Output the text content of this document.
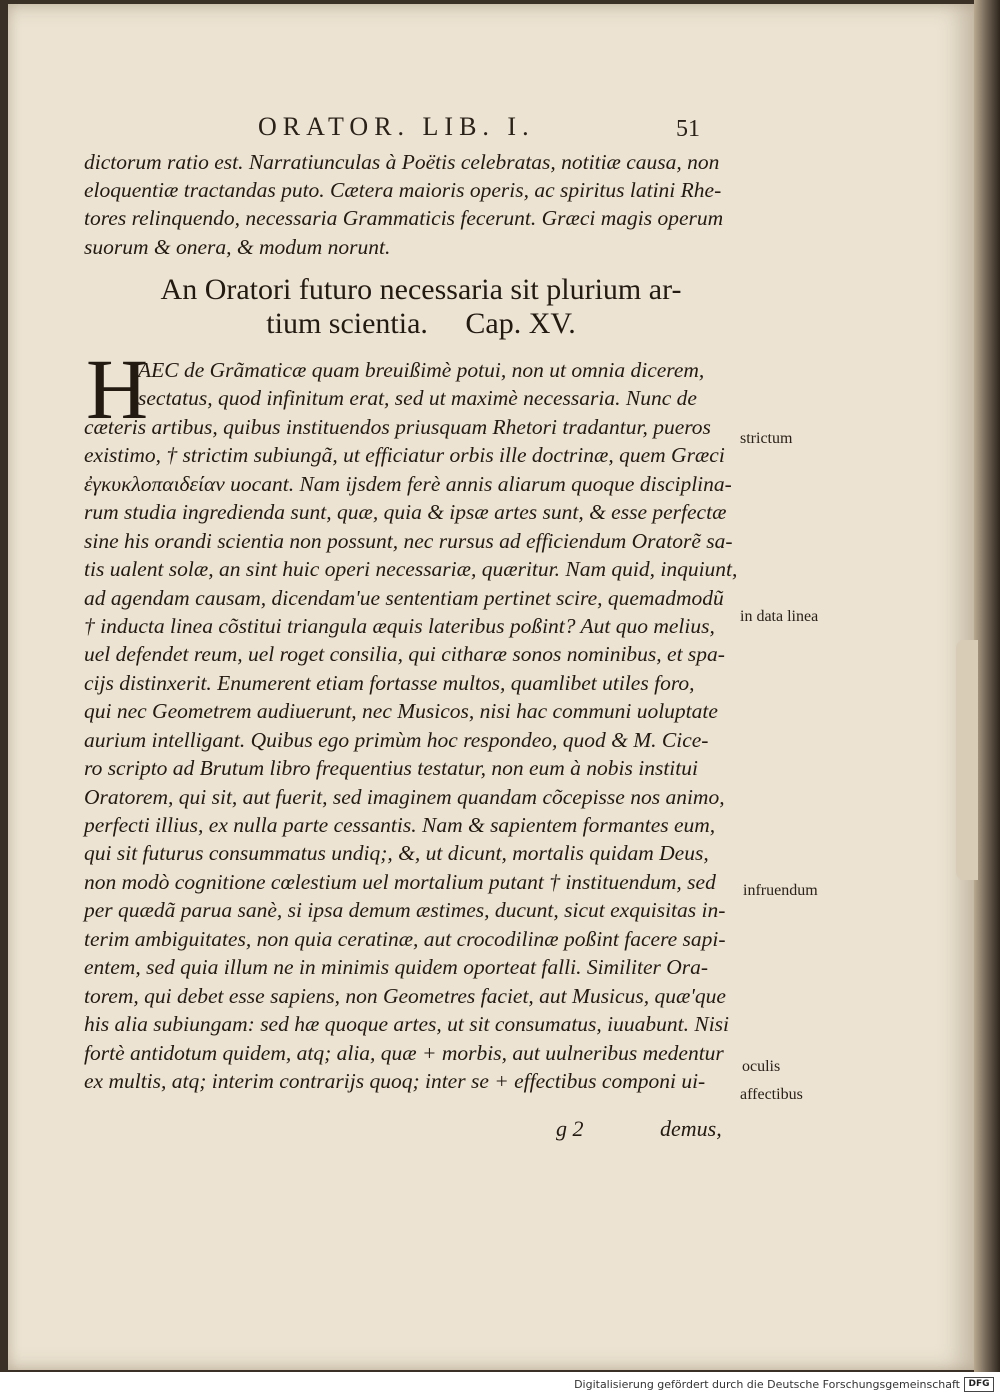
ORATOR. LIB. I.	51
dictorum ratio est. Narratiunculas à Poëtis celebratas, notitiæ causa, non
eloquentiæ tractandas puto. Cætera maioris operis, ac spiritus latini Rhe-
tores relinquendo, necessaria Grammaticis fecerunt. Græci magis operum
suorum & onera, & modum norunt.
An Oratori futuro necessaria sit plurium ar-
tium scientia.     Cap. XV.
H
AEC de Grãmaticæ quam breuißimè potui, non ut omnia dicerem,
sectatus, quod infinitum erat, sed ut maximè necessaria. Nunc de
cæteris artibus, quibus instituendos priusquam Rhetori tradantur, pueros
existimo, † strictim subiungã, ut efficiatur orbis ille doctrinæ, quem Græci
ἐγκυκλοπαιδείαν uocant. Nam ijsdem ferè annis aliarum quoque disciplina-
rum studia ingredienda sunt, quæ, quia & ipsæ artes sunt, & esse perfectæ
sine his orandi scientia non possunt, nec rursus ad efficiendum Oratorẽ sa-
tis ualent solæ, an sint huic operi necessariæ, quæritur. Nam quid, inquiunt,
ad agendam causam, dicendam'ue sententiam pertinet scire, quemadmodũ
† inducta linea cõstitui triangula æquis lateribus poßint? Aut quo melius,
uel defendet reum, uel roget consilia, qui citharæ sonos nominibus, et spa-
cijs distinxerit. Enumerent etiam fortasse multos, quamlibet utiles foro,
qui nec Geometrem audiuerunt, nec Musicos, nisi hac communi uoluptate
aurium intelligant. Quibus ego primùm hoc respondeo, quod & M. Cice-
ro scripto ad Brutum libro frequentius testatur, non eum à nobis institui
Oratorem, qui sit, aut fuerit, sed imaginem quandam cõcepisse nos animo,
perfecti illius, ex nulla parte cessantis. Nam & sapientem formantes eum,
qui sit futurus consummatus undiq;, &, ut dicunt, mortalis quidam Deus,
non modò cognitione cœlestium uel mortalium putant † instituendum, sed
per quædã parua sanè, si ipsa demum æstimes, ducunt, sicut exquisitas in-
terim ambiguitates, non quia ceratinæ, aut crocodilinæ poßint facere sapi-
entem, sed quia illum ne in minimis quidem oporteat falli. Similiter Ora-
torem, qui debet esse sapiens, non Geometres faciet, aut Musicus, quæ'que
his alia subiungam: sed hæ quoque artes, ut sit consumatus, iuuabunt. Nisi
fortè antidotum quidem, atq; alia, quæ + morbis, aut uulneribus medentur
ex multis, atq; interim contrarijs quoq; inter se + effectibus componi ui-
strictum
in data linea
infruendum
oculis
affectibus
g 2	demus,
Digitalisierung gefördert durch die Deutsche Forschungsgemeinschaft DFG
